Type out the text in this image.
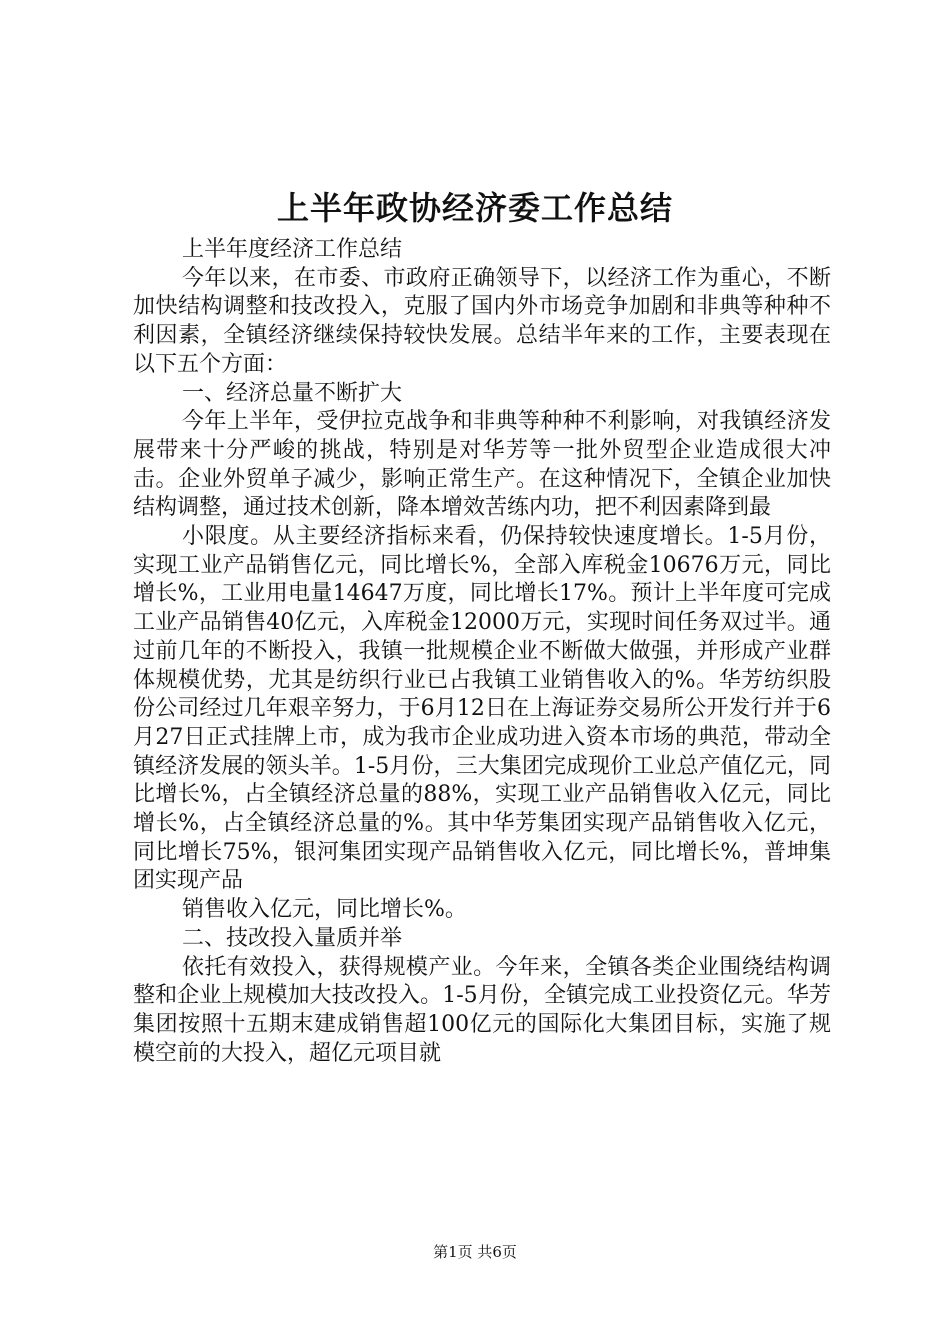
上半年政协经济委工作总结

上半年度经济工作总结

今年以来，在市委、市政府正确领导下，以经济工作为重心，不断加快结构调整和技改投入，克服了国内外市场竞争加剧和非典等种种不利因素，全镇经济继续保持较快发展。总结半年来的工作，主要表现在以下五个方面：

一、经济总量不断扩大

今年上半年，受伊拉克战争和非典等种种不利影响，对我镇经济发展带来十分严峻的挑战，特别是对华芳等一批外贸型企业造成很大冲击。企业外贸单子减少，影响正常生产。在这种情况下，全镇企业加快结构调整，通过技术创新，降本增效苦练内功，把不利因素降到最

小限度。从主要经济指标来看，仍保持较快速度增长。1-5月份，实现工业产品销售亿元，同比增长%，全部入库税金10676万元，同比增长%，工业用电量14647万度，同比增长17%。预计上半年度可完成工业产品销售40亿元，入库税金12000万元，实现时间任务双过半。通过前几年的不断投入，我镇一批规模企业不断做大做强，并形成产业群体规模优势，尤其是纺织行业已占我镇工业销售收入的%。华芳纺织股份公司经过几年艰辛努力，于6月12日在上海证券交易所公开发行并于6月27日正式挂牌上市，成为我市企业成功进入资本市场的典范，带动全镇经济发展的领头羊。1-5月份，三大集团完成现价工业总产值亿元，同比增长%，占全镇经济总量的88%，实现工业产品销售收入亿元，同比增长%，占全镇经济总量的%。其中华芳集团实现产品销售收入亿元，同比增长75%，银河集团实现产品销售收入亿元，同比增长%，普坤集团实现产品

销售收入亿元，同比增长%。

二、技改投入量质并举

依托有效投入，获得规模产业。今年来，全镇各类企业围绕结构调整和企业上规模加大技改投入。1-5月份，全镇完成工业投资亿元。华芳集团按照十五期末建成销售超100亿元的国际化大集团目标，实施了规模空前的大投入，超亿元项目就

第1页 共6页
